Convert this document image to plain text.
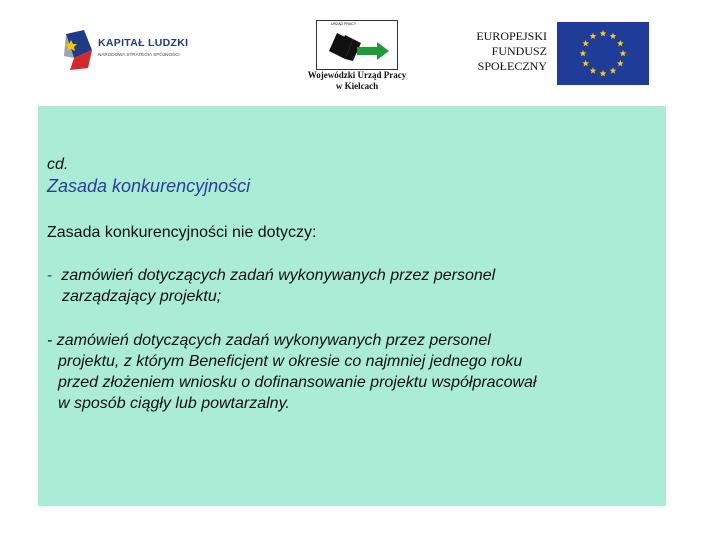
KAPITAŁ LUDZKI
NARODOWA STRATEGIA SPÓJNOŚCI
URZĄD PRACY
Wojewódzki Urząd Pracy
w Kielcach
EUROPEJSKI
FUNDUSZ
SPOŁECZNY
cd.
Zasada konkurencyjności
Zasada konkurencyjności nie dotyczy:
- zamówień dotyczących zadań wykonywanych przez personel
zarządzający projektu;
- zamówień dotyczących zadań wykonywanych przez personel
projektu, z którym Beneficjent w okresie co najmniej jednego roku
przed złożeniem wniosku o dofinansowanie projektu współpracował
w sposób ciągły lub powtarzalny.
